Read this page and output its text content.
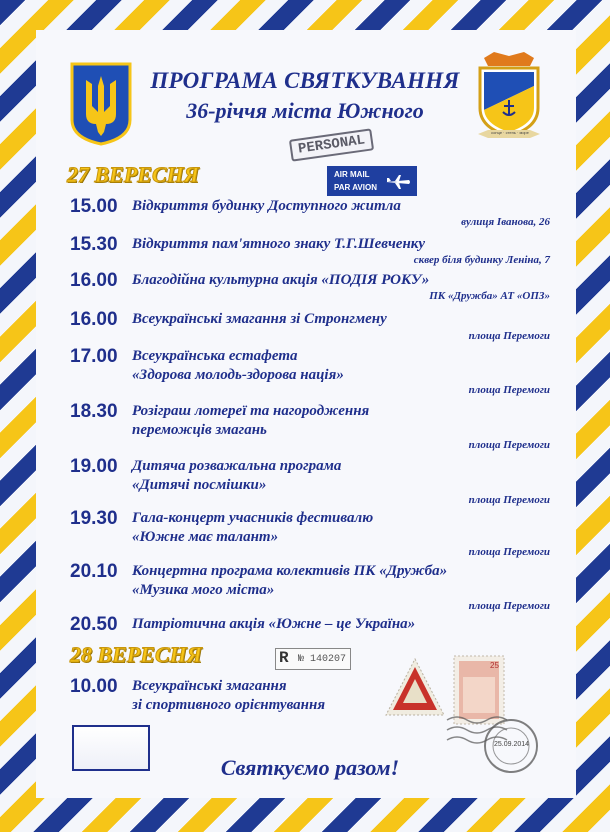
сонце · степь · море
ПРОГРАМА СВЯТКУВАННЯ
36-річчя міста Южного
PERSONAL
AIR MAIL
PAR AVION
27 ВЕРЕСНЯ
15.00 Відкриття будинку Доступного житла
вулиця Іванова, 26
15.30 Відкриття пам'ятного знаку Т.Г.Шевченку
сквер біля будинку Леніна, 7
16.00 Благодійна культурна акція «ПОДІЯ РОКУ»
ПК «Дружба» АТ «ОПЗ»
16.00 Всеукраїнські змагання зі Стронгмену
площа Перемоги
17.00 Всеукраїнська естафета
«Здорова молодь-здорова нація»
площа Перемоги
18.30 Розіграш лотереї та нагородження
переможців змагань
площа Перемоги
19.00 Дитяча розважальна програма
«Дитячі посмішки»
площа Перемоги
19.30 Гала-концерт учасників фестивалю
«Южне має талант»
площа Перемоги
20.10 Концертна програма колективів ПК «Дружба»
«Музика мого міста»
площа Перемоги
20.50 Патріотична акція «Южне – це Україна»
28 ВЕРЕСНЯ
10.00 Всеукраїнські змагання
зі спортивного орієнтування
R № 140207
25
25.09.2014
Святкуємо разом!
